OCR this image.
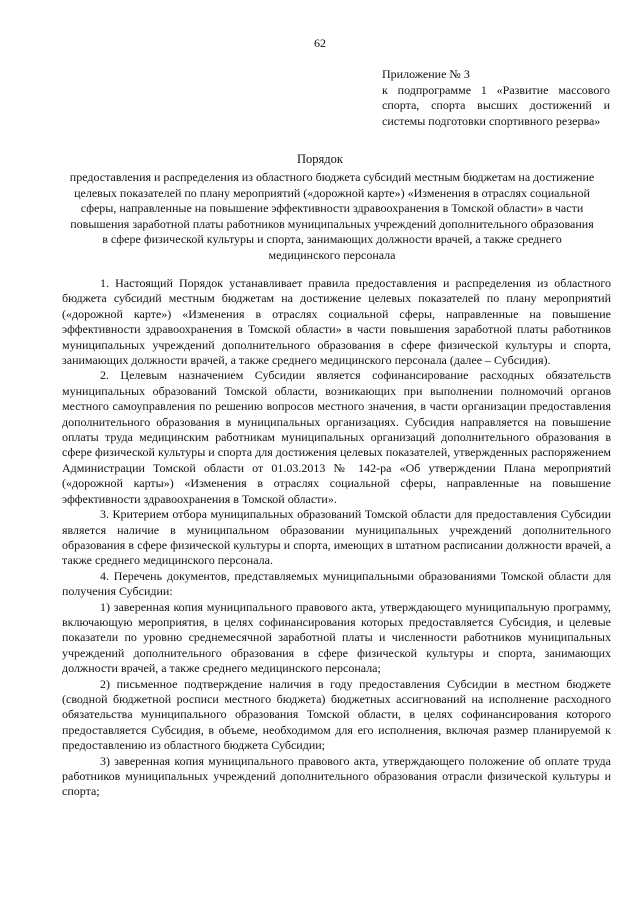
62
Приложение № 3
к подпрограмме 1 «Развитие массового спорта, спорта высших достижений и системы подготовки спортивного резерва»
Порядок
предоставления и распределения из областного бюджета субсидий местным бюджетам на достижение целевых показателей по плану мероприятий («дорожной карте») «Изменения в отраслях социальной сферы, направленные на повышение эффективности здравоохранения в Томской области» в части повышения заработной платы работников муниципальных учреждений дополнительного образования в сфере физической культуры и спорта, занимающих должности врачей, а также среднего медицинского персонала

1. Настоящий Порядок устанавливает правила предоставления и распределения из областного бюджета субсидий местным бюджетам на достижение целевых показателей по плану мероприятий («дорожной карте») «Изменения в отраслях социальной сферы, направленные на повышение эффективности здравоохранения в Томской области» в части повышения заработной платы работников муниципальных учреждений дополнительного образования в сфере физической культуры и спорта, занимающих должности врачей, а также среднего медицинского персонала (далее – Субсидия).

2. Целевым назначением Субсидии является софинансирование расходных обязательств муниципальных образований Томской области, возникающих при выполнении полномочий органов местного самоуправления по решению вопросов местного значения, в части организации предоставления дополнительного образования в муниципальных организациях. Субсидия направляется на повышение оплаты труда медицинским работникам муниципальных организаций дополнительного образования в сфере физической культуры и спорта для достижения целевых показателей, утвержденных распоряжением Администрации Томской области от 01.03.2013 № 142-ра «Об утверждении Плана мероприятий («дорожной карты») «Изменения в отраслях социальной сферы, направленные на повышение эффективности здравоохранения в Томской области».

3. Критерием отбора муниципальных образований Томской области для предоставления Субсидии является наличие в муниципальном образовании муниципальных учреждений дополнительного образования в сфере физической культуры и спорта, имеющих в штатном расписании должности врачей, а также среднего медицинского персонала.

4. Перечень документов, представляемых муниципальными образованиями Томской области для получения Субсидии:

1) заверенная копия муниципального правового акта, утверждающего муниципальную программу, включающую мероприятия, в целях софинансирования которых предоставляется Субсидия, и целевые показатели по уровню среднемесячной заработной платы и численности работников муниципальных учреждений дополнительного образования в сфере физической культуры и спорта, занимающих должности врачей, а также среднего медицинского персонала;

2) письменное подтверждение наличия в году предоставления Субсидии в местном бюджете (сводной бюджетной росписи местного бюджета) бюджетных ассигнований на исполнение расходного обязательства муниципального образования Томской области, в целях софинансирования которого предоставляется Субсидия, в объеме, необходимом для его исполнения, включая размер планируемой к предоставлению из областного бюджета Субсидии;

3) заверенная копия муниципального правового акта, утверждающего положение об оплате труда работников муниципальных учреждений дополнительного образования отрасли физической культуры и спорта;
